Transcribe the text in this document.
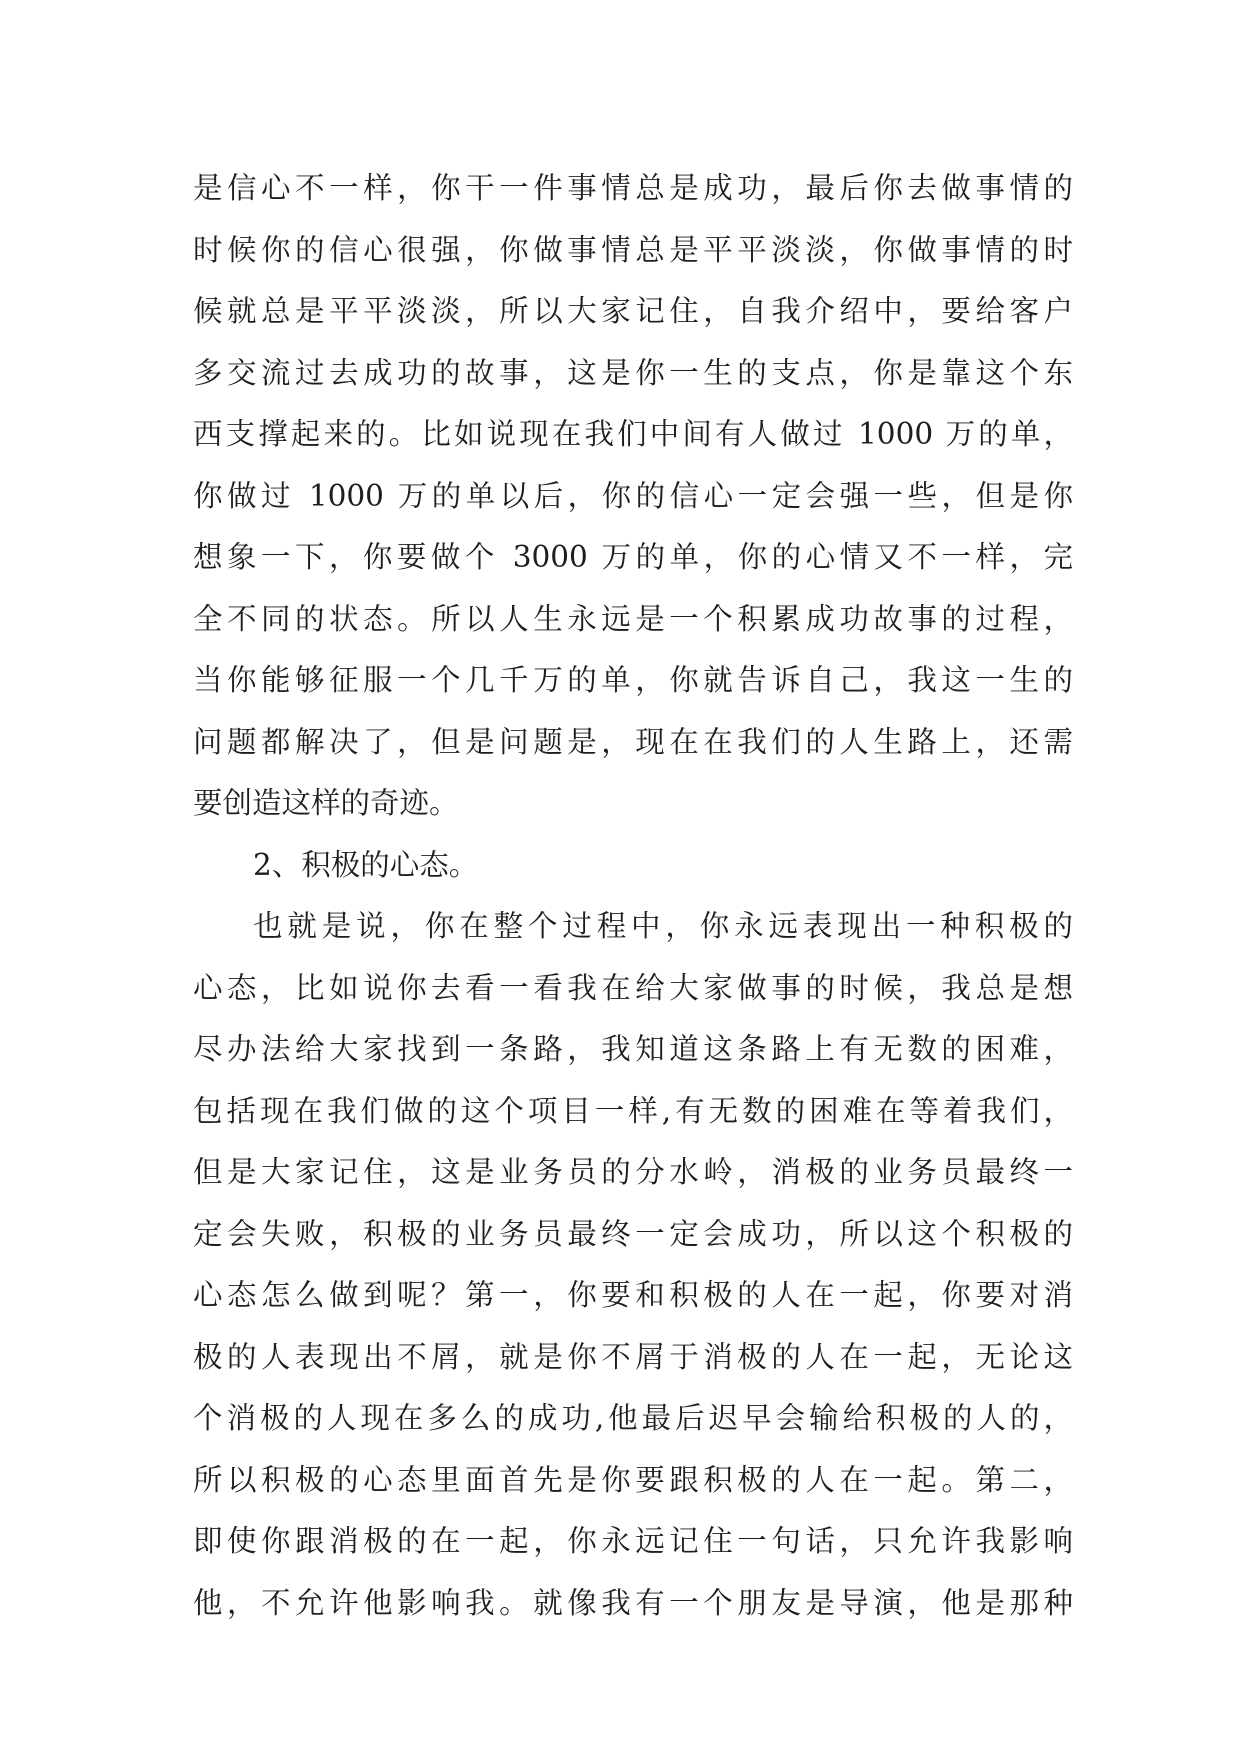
是信心不一样，你干一件事情总是成功，最后你去做事情的
时候你的信心很强，你做事情总是平平淡淡，你做事情的时
候就总是平平淡淡，所以大家记住，自我介绍中，要给客户
多交流过去成功的故事，这是你一生的支点，你是靠这个东
西支撑起来的。比如说现在我们中间有人做过 1000 万的单，
你做过 1000 万的单以后，你的信心一定会强一些，但是你
想象一下，你要做个 3000 万的单，你的心情又不一样，完
全不同的状态。所以人生永远是一个积累成功故事的过程，
当你能够征服一个几千万的单，你就告诉自己，我这一生的
问题都解决了，但是问题是，现在在我们的人生路上，还需
要创造这样的奇迹。
2、积极的心态。
也就是说，你在整个过程中，你永远表现出一种积极的
心态，比如说你去看一看我在给大家做事的时候，我总是想
尽办法给大家找到一条路，我知道这条路上有无数的困难，
包括现在我们做的这个项目一样,有无数的困难在等着我们，
但是大家记住，这是业务员的分水岭，消极的业务员最终一
定会失败，积极的业务员最终一定会成功，所以这个积极的
心态怎么做到呢？第一，你要和积极的人在一起，你要对消
极的人表现出不屑，就是你不屑于消极的人在一起，无论这
个消极的人现在多么的成功,他最后迟早会输给积极的人的，
所以积极的心态里面首先是你要跟积极的人在一起。第二，
即使你跟消极的在一起，你永远记住一句话，只允许我影响
他，不允许他影响我。就像我有一个朋友是导演，他是那种
